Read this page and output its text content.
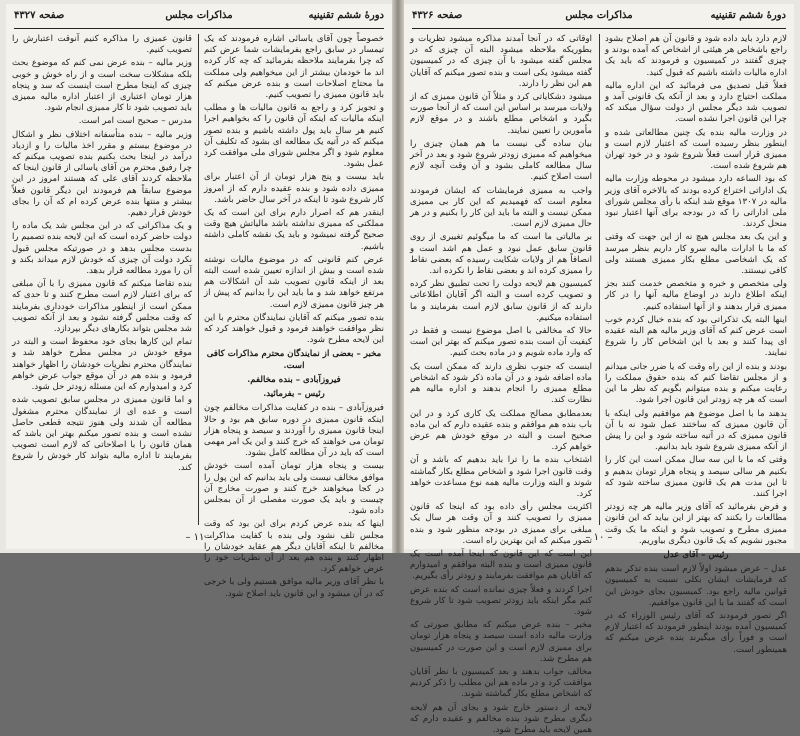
دورهٔ ششم تقنینیه
مذاکرات مجلس
صفحه ۴۳۲۷

قانون عمیزی را مذاکره کنیم آنوقت اعتبارش را تصویب کنیم.

وزیر مالیه – بنده عرض نمی کنم که موضوع بحث بلکه مشکلات سخت است و از راه خوش و خوبی چیزی که اینجا مطرح است اینست که سد و پنجاه هزار تومان اعتباری از اعتبار اداره مالیه ممیزی باید تصویب شود تا کار ممیزی انجام شود.

مدرس – صحیح است امر است.

وزیر مالیه – بنده متأسفانه اختلاف نظر و اشکال در موضوع بیستم و مقرر اخذ مالیات را و ازدیاد درآمد در اینجا بحث بکنیم بنده تصویب میکنم که چرا رفیق محترم من آقای یاسائی از قانون اینجا که ملاحظه کردند آقای علی که هستند امروز در این موضوع سابقاً هم فرمودند این دیگر قانون فعلاً بیشتر و منتها بنده عرض کرده ام که آن را بجای خودش قرار دهیم.

و یک مذاکراتی که در این مجلس شد یک ماده را دولت حاضر کرده است که این لایحه بنده تصمیم را بدست مجلس بدهد و در صورتیکه مجلس قبول نکرد دولت آن چیزی که خودش لازم میداند بکند و آن را مورد مطالعه قرار بدهد.

بنده تقاضا میکنم که قانون ممیزی را با آن مبلغی که برای اعتبار لازم است مطرح کنند و تا حدی که ممکن است از اینطور مذاکرات خودداری بفرمایند که وقت مجلس گرفته نشود و بعد از آنکه تصویب شد مجلس بتواند بکارهای دیگر بپردازد.

تمام این کارها بجای خود محفوظ است و البته در موقع خودش در مجلس مطرح خواهد شد و نمایندگان محترم نظریات خودشان را اظهار خواهند فرمود و بنده هم در آن موقع جواب عرض خواهم کرد و امیدوارم که این مسئله زودتر حل شود.

و اما قانون ممیزی در مجلس سابق تصویب شده است و عده ای از نمایندگان محترم مشغول مطالعه آن شدند ولی هنوز نتیجه قطعی حاصل نشده است و بنده تصور میکنم بهتر این باشد که همان قانون را با اصلاحاتی که لازم است تصویب بفرمایند تا اداره مالیه بتواند کار خودش را شروع کند.

خصوصاً چون آقای یاسائی اشاره فرمودند که یک تیمسار در سابق راجع بفرمایشات شما عرض کنم که چرا بفرمایند ملاحظه بفرمائید که چه کار کرده اند ما خودمان بیشتر از این میخواهیم ولی مملکت ما محتاج اصلاحات است و بنده عرض میکنم که باید قانون ممیزی را تصویب کنیم.

و تجویز کرد و راجع به قانون مالیات ها و مطلب اینکه مالیات که اینکه آن قانون را که بخواهیم اجرا کنیم هر سال باید پول داشته باشیم و بنده تصور میکنم که در آتیه یک مطالعه ای بشود که تکلیف آن معلوم شود و اگر مجلس شورای ملی موافقت کرد عمل بشود.

باید بیست و پنج هزار تومان از آن اعتبار برای ممیزی داده شود و بنده عقیده دارم که از امروز کار شروع شود تا اینکه در آخر سال حاضر باشد.

اینقدر هم که اصرار دارم برای این است که یک مملکتی که ممیزی نداشته باشد مالیاتش هیچ وقت صحیح گرفته نمیشود و باید یک نقشه کاملی داشته باشیم.

عرض کنم قانونی که در موضوع مالیات نوشته شده است و بیش از اندازه تعیین شده است البته بعد از اینکه قانون تصویب شد آن اشکالات هم مرتفع خواهد شد و ما باید این را بدانیم که پیش از هر چیز قانون ممیزی لازم است.

بنده تصور میکنم که آقایان نمایندگان محترم با این نظر موافقت خواهند فرمود و قبول خواهند کرد که این لایحه مطرح شود.

مخبر – بعضی از نمایندگان محترم مذاکرات کافی است.

فیروزآبادی – بنده مخالفم.

رئیس – بفرمائید.

فیروزآبادی – بنده در کفایت مذاکرات مخالفم چون اینکه قانون ممیزی در دوره سابق هم بود و حالا اینجا قانون ممیزی را آوردند و سیصد و پنجاه هزار تومان می خواهند که خرج کنند و این یک امر مهمی است که باید در آن مطالعه کامل بشود.

بیست و پنجاه هزار تومان آمده است خودش موافق مخالف نیست ولی باید بدانیم که این پول را در کجا میخواهند خرج کنند و صورت مخارج آن چیست و باید یک صورت مفصلی از آن بمجلس داده شود.

اینها که بنده عرض کردم برای این بود که وقت مجلس تلف نشود ولی بنده با کفایت مذاکرات مخالفم تا اینکه آقایان دیگر هم عقاید خودشان را اظهار کنند و بنده هم بعد از آن نظریات خود را عرض خواهم کرد.

با نظر آقای وزیر مالیه موافق هستیم ولی با خرجی که در آن میشود و این قانون باید اصلاح شود.

– ۱۱ –
دورهٔ ششم تقنینیه
مذاکرات مجلس
صفحه ۴۳۲۶

اوقاتی که در آنجا آمدند مذاکره میشود تظریات و بطوریکه ملاحظه میشود البته آن چیزی که در مجلس گفته میشود با آن چیزی که در کمیسیون گفته میشود یکی است و بنده تصور میکنم که آقایان هم این نظر را دارند.

میشود دشکایاتی کرد و مثلاً آن قانون ممیزی که از ولایات میرسد بر اساس این است که از آنجا صورت بگیرد و اشخاص مطلع باشند و در موقع لازم مأمورین را تعیین نمایند.

بیان ساده گی نیست ما هم همان چیزی را میخواهیم که ممیزی زودتر شروع شود و بعد در آخر سال مطالعه کاملی بشود و آن وقت آنچه لازم است اصلاح کنیم.

واجب به ممیزی فرمایشات که ایشان فرمودند معلوم است که فهمیدیم که این کار بی ممیزی ممکن نیست و البته ما باید این کار را بکنیم و در هر حال ممیزی لازم است.

بر مالیاتی ما است که ما میگوئیم تغییری از روی قانون سابق عمل نبود و عمل هم اشد است و انصافاً هم از ولایات شکایت رسیده که بعضی نقاط را ممیزی کرده اند و بعضی نقاط را نکرده اند.

کمیسیون هم لایحه دولت را تحت تطبیق نظر کرده و تصویب کرده است و البته اگر آقایان اطلاعاتی دارند که از قانون سابق لازم است بفرمایند و ما استفاده میکنیم.

حالا که مخالفی با اصل موضوع نیست و فقط در کیفیت آن است بنده تصور میکنم که بهتر این است که وارد ماده شویم و در ماده بحث کنیم.

اینست که جنوب نظری دارند که ممکن است یک ماده اضافه شود و در آن ماده ذکر شود که اشخاص مطلع ممیزی را انجام بدهند و اداره مالیه هم نظارت کند.

بعدمطابق مصالح مملکت یک کاری کرد و در این باب بنده هم موافقم و بنده عقیده دارم که این ماده صحیح است و البته در موقع خودش هم عرض خواهم کرد.

اشتخاب بنده ما را ترا باید بدهیم که باشد و آن وقت قانون اجرا شود و اشخاص مطلع بکار گماشته شوند و البته وزارت مالیه همه نوع مساعدت خواهد کرد.

اکثریت مجلس رأی داده بود که اینجا که قانون ممیزی را تصویب کنند و آن وقت هر سال یک مبلغی برای ممیزی در بودجه منظور شود و بنده تصور میکنم که این بهترین راه است.

این است که این قانون که اینجا آمده است یک قانون ممیزی است و بنده البته موافقم و امیدوارم که آقایان هم موافقت بفرمایند و زودتر رأی بگیریم.

اجرا کردند و فعلاً چیزی نمانده است که بنده عرض کنم مگر اینکه باید زودتر تصویب شود تا کار شروع شود.

مخبر – بنده عرض میکنم که مطابق صورتی که وزارت مالیه داده است سیصد و پنجاه هزار تومان برای ممیزی لازم است و این صورت در کمیسیون هم مطرح شد.

مخالف جواب بدهند و بعد کمیسیون با نظر آقایان موافقت کرد و در ماده هم این مطلب را ذکر کردیم که اشخاص مطلع بکار گماشته شوند.

لایحه از دستور خارج شود و بجای آن هم لایحه دیگری مطرح شود بنده مخالفم و عقیده دارم که همین لایحه باید مطرح شود.

لازم دارد باید داده شود و قانون آن هم اصلاح بشود راجع باشخاص هر هیئتی از اشخاص که آمده بودند و چیزی گفتند در کمیسیون و فرمودند که باید یک اداره مالیات داشته باشیم که قبول کنید.

فعلاً قبل تصدیق می فرمائید که این اداره مالیه مملکت احتیاج دارد و بعد از آنکه یک قانونی آمد و تصویب شد دیگر مجلس از دولت سؤال میکند که چرا این قانون اجرا نشده است.

در وزارت مالیه بنده یک چنین مطالعاتی شده و اینطور بنظر رسیده است که اعتبار لازم است و ممیزی قرار است فعلاً شروع شود و در خود تهران هم شروع شده است.

که بود الساعه دارد میشود در محوطه وزارت مالیه یک اداراتی اختراع کرده بودند که بالاخره آقای وزیر مالیه در ۱۳۰۷ موقع شد اینکه با رأی مجلس شورای ملی اداراتی را که در بودجه برای آنها اعتبار نبود منحل کردند.

و این یک بعد مجلس هیچ نه از این جهت که وقتی که ما با ادارات مالیه سرو کار داریم بنظر میرسد که یک اشخاصی مطلع بکار ممیزی هستند ولی کافی نیستند.

ولی متخصص و خبره و متخصص خدمت کنند بجز اینکه اطلاع دارند در اوضاع مالیه آنها را در کار ممیزی قرار بدهند و از آنها استفاده کنیم.

اینها البته یک تذکراتی بود که بنده خیال کردم خوب است عرض کنم که آقای وزیر مالیه هم البته عقیده ای پیدا کنند و بعد با این اشخاص کار را شروع نمایند.

بودند و بنده از این راه وقت که یا ضرر جانی میدانم و از مجلس تقاضا کنم که بنده حقوق مملکت را رعایت میکنم و بنده میتوانم بگویم که نظر ما این است که هر چه زودتر این قانون اجرا شود.

بدهند ما با اصل موضوع هم موافقیم ولی اینکه با آن قانون ممیزی که ساختند عمل شود نه با آن قانون ممیزی که در آتیه ساخته شود و این را پیش از آنکه ممیزی شروع شود باید بدانیم.

وقتی که ما با این سه سال ممکن است این کار را بکنیم هر سالی سیصد و پنجاه هزار تومان بدهیم و تا این مدت هم یک قانون ممیزی ساخته شود که اجرا کنند.

و فرض بفرمائید که آقای وزیر مالیه هر چه زودتر مطالعات را بکنند که بهتر از این بیاید که این قانون ممیزی مطرح و تصویب شود و اینکه ما یک وقت مجبور نشویم که یک قانون دیگری بیاوریم.

رئیس – آقای عدل

عدل – عرض میشود اولاً لازم است بنده تذکر بدهم که فرمایشات ایشان بکلی نسبت به کمیسیون قوانین مالیه راجع بود. کمیسیون بجای خودش این است که گفتند ما با این قانون موافقیم.

اگر تصور فرمودند که آقای رئیس الوزراء که در کمیسیون آمده بودند اینطور فرمودند که اعتبار لازم است و فوراً رأی میگیرند بنده عرض میکنم که همینطور است.

– ۱۰ –
